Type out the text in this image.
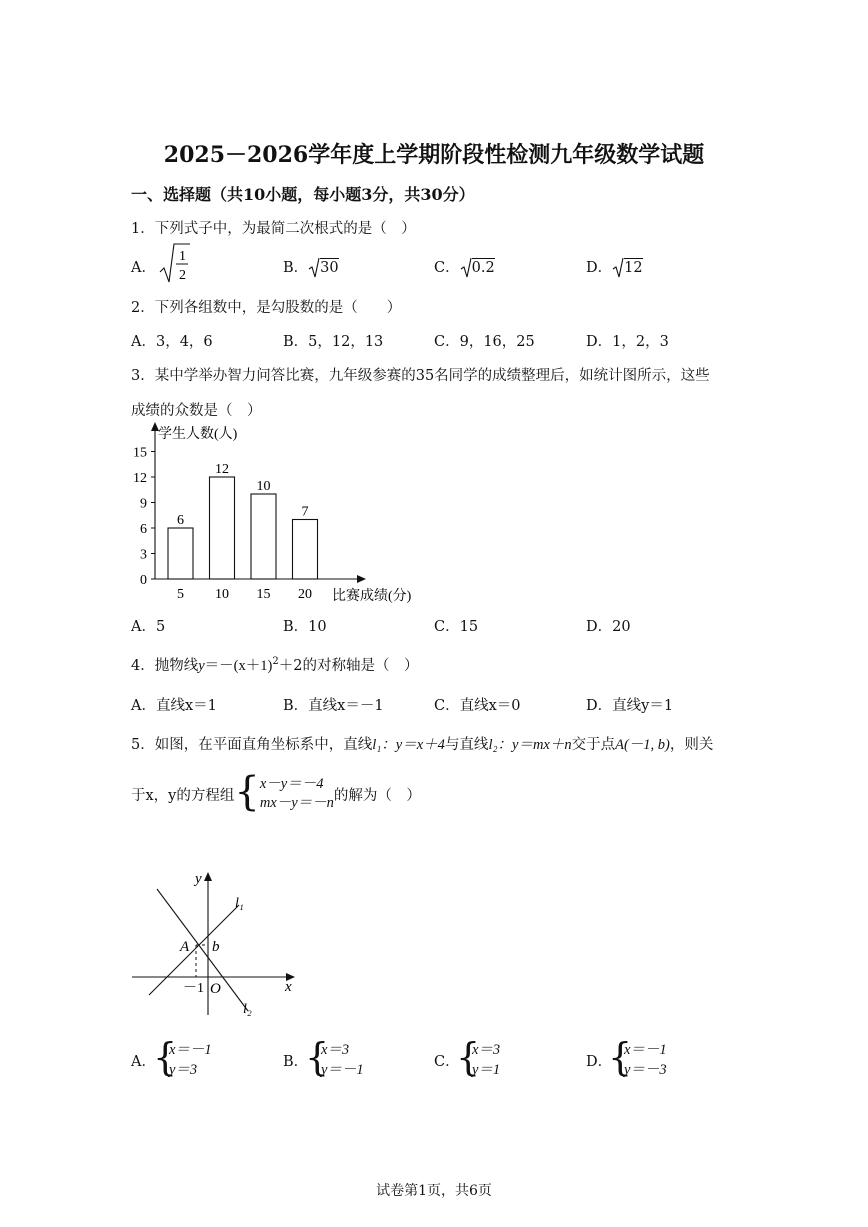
2025－2026学年度上学期阶段性检测九年级数学试题
一、选择题（共10小题，每小题3分，共30分）
1．下列式子中，为最简二次根式的是（　）
A．
1
2	B． 30	C． 0.2	D． 12
2．下列各组数中，是勾股数的是（　　）
A．3，4，6	B．5，12，13	C．9，16，25	D．1，2，3
3．某中学举办智力问答比赛，九年级参赛的35名同学的成绩整理后，如统计图所示，这些
成绩的众数是（　）
学生人数(人)
比赛成绩(分)
0
3
6
9
12
15
6
5
12
10
10
15
7
20
A．5	B．10	C．15	D．20
4．抛物线$y=-(x+1)^2+2$的对称轴是（　）
A．直线x＝1	B．直线x＝－1	C．直线x＝0	D．直线y＝1
5．如图，在平面直角坐标系中，直线l₁：y＝x＋4与直线l₂：y＝mx＋n交于点A(－1, b)，则关
于x，y的方程组{ x－y＝－4
mx－y＝－n 的解为（　）
y
x
l₁
l₂
A b
－1 O
A．
{
x＝－1
y＝3	B．
{
x＝3
y＝－1	C．
{
x＝3
y＝1	D．
{
x＝－1
y＝－3
试卷第1页，共6页
